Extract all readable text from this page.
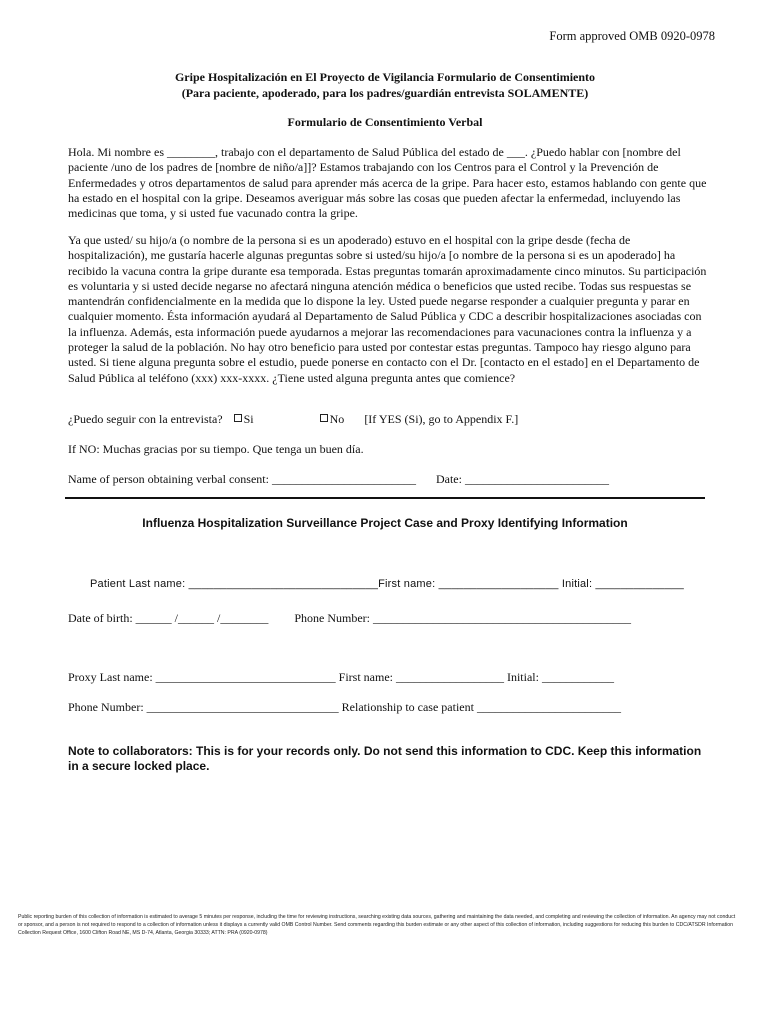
Form approved OMB 0920-0978
Gripe Hospitalización en El Proyecto de Vigilancia Formulario de Consentimiento
(Para paciente, apoderado, para los padres/guardián entrevista SOLAMENTE)
Formulario de Consentimiento Verbal
Hola. Mi nombre es ________, trabajo con el departamento de Salud Pública del estado de ___. ¿Puedo hablar con [nombre del paciente /uno de los padres de [nombre de niño/a]]? Estamos trabajando con los Centros para el Control y la Prevención de Enfermedades y otros departamentos de salud para aprender más acerca de la gripe. Para hacer esto, estamos hablando con gente que ha estado en el hospital con la gripe. Deseamos averiguar más sobre las cosas que pueden afectar la enfermedad, incluyendo las medicinas que toma, y si usted fue vacunado contra la gripe.
Ya que usted/ su hijo/a (o nombre de la persona si es un apoderado) estuvo en el hospital con la gripe desde (fecha de hospitalización), me gustaría hacerle algunas preguntas sobre si usted/su hijo/a [o nombre de la persona si es un apoderado] ha recibido la vacuna contra la gripe durante esa temporada. Estas preguntas tomarán aproximadamente cinco minutos. Su participación es voluntaria y si usted decide negarse no afectará ninguna atención médica o beneficios que usted recibe. Todas sus respuestas se mantendrán confidencialmente en la medida que lo dispone la ley. Usted puede negarse responder a cualquier pregunta y parar en cualquier momento. Ésta información ayudará al Departamento de Salud Pública y CDC a describir hospitalizaciones asociadas con la influenza. Además, esta información puede ayudarnos a mejorar las recomendaciones para vacunaciones contra la influenza y a proteger la salud de la población. No hay otro beneficio para usted por contestar estas preguntas. Tampoco hay riesgo alguno para usted. Si tiene alguna pregunta sobre el estudio, puede ponerse en contacto con el Dr. [contacto en el estado] en el Departamento de Salud Pública al teléfono (xxx) xxx-xxxx. ¿Tiene usted alguna pregunta antes que comience?
¿Puedo seguir con la entrevista? Si	No [If YES (Si), go to Appendix F.]
If NO: Muchas gracias por su tiempo. Que tenga un buen día.
Name of person obtaining verbal consent: ________________________ Date: ________________________
Influenza Hospitalization Surveillance Project Case and Proxy Identifying Information
Patient Last name: ______________________________First name: ___________________ Initial: ______________
Date of birth: ______ /______ /________ Phone Number: ___________________________________________
Proxy Last name: ______________________________ First name: __________________ Initial: ____________
Phone Number: ________________________________ Relationship to case patient ________________________
Note to collaborators: This is for your records only. Do not send this information to CDC. Keep this information in a secure locked place.
Public reporting burden of this collection of information is estimated to average 5 minutes per response, including the time for reviewing instructions, searching existing data sources, gathering and maintaining the data needed, and completing and reviewing the collection of information. An agency may not conduct or sponsor, and a person is not required to respond to a collection of information unless it displays a currently valid OMB Control Number. Send comments regarding this burden estimate or any other aspect of this collection of information, including suggestions for reducing this burden to CDC/ATSDR Information Collection Request Office, 1600 Clifton Road NE, MS D-74, Atlanta, Georgia 30333; ATTN: PRA (0920-0978)
